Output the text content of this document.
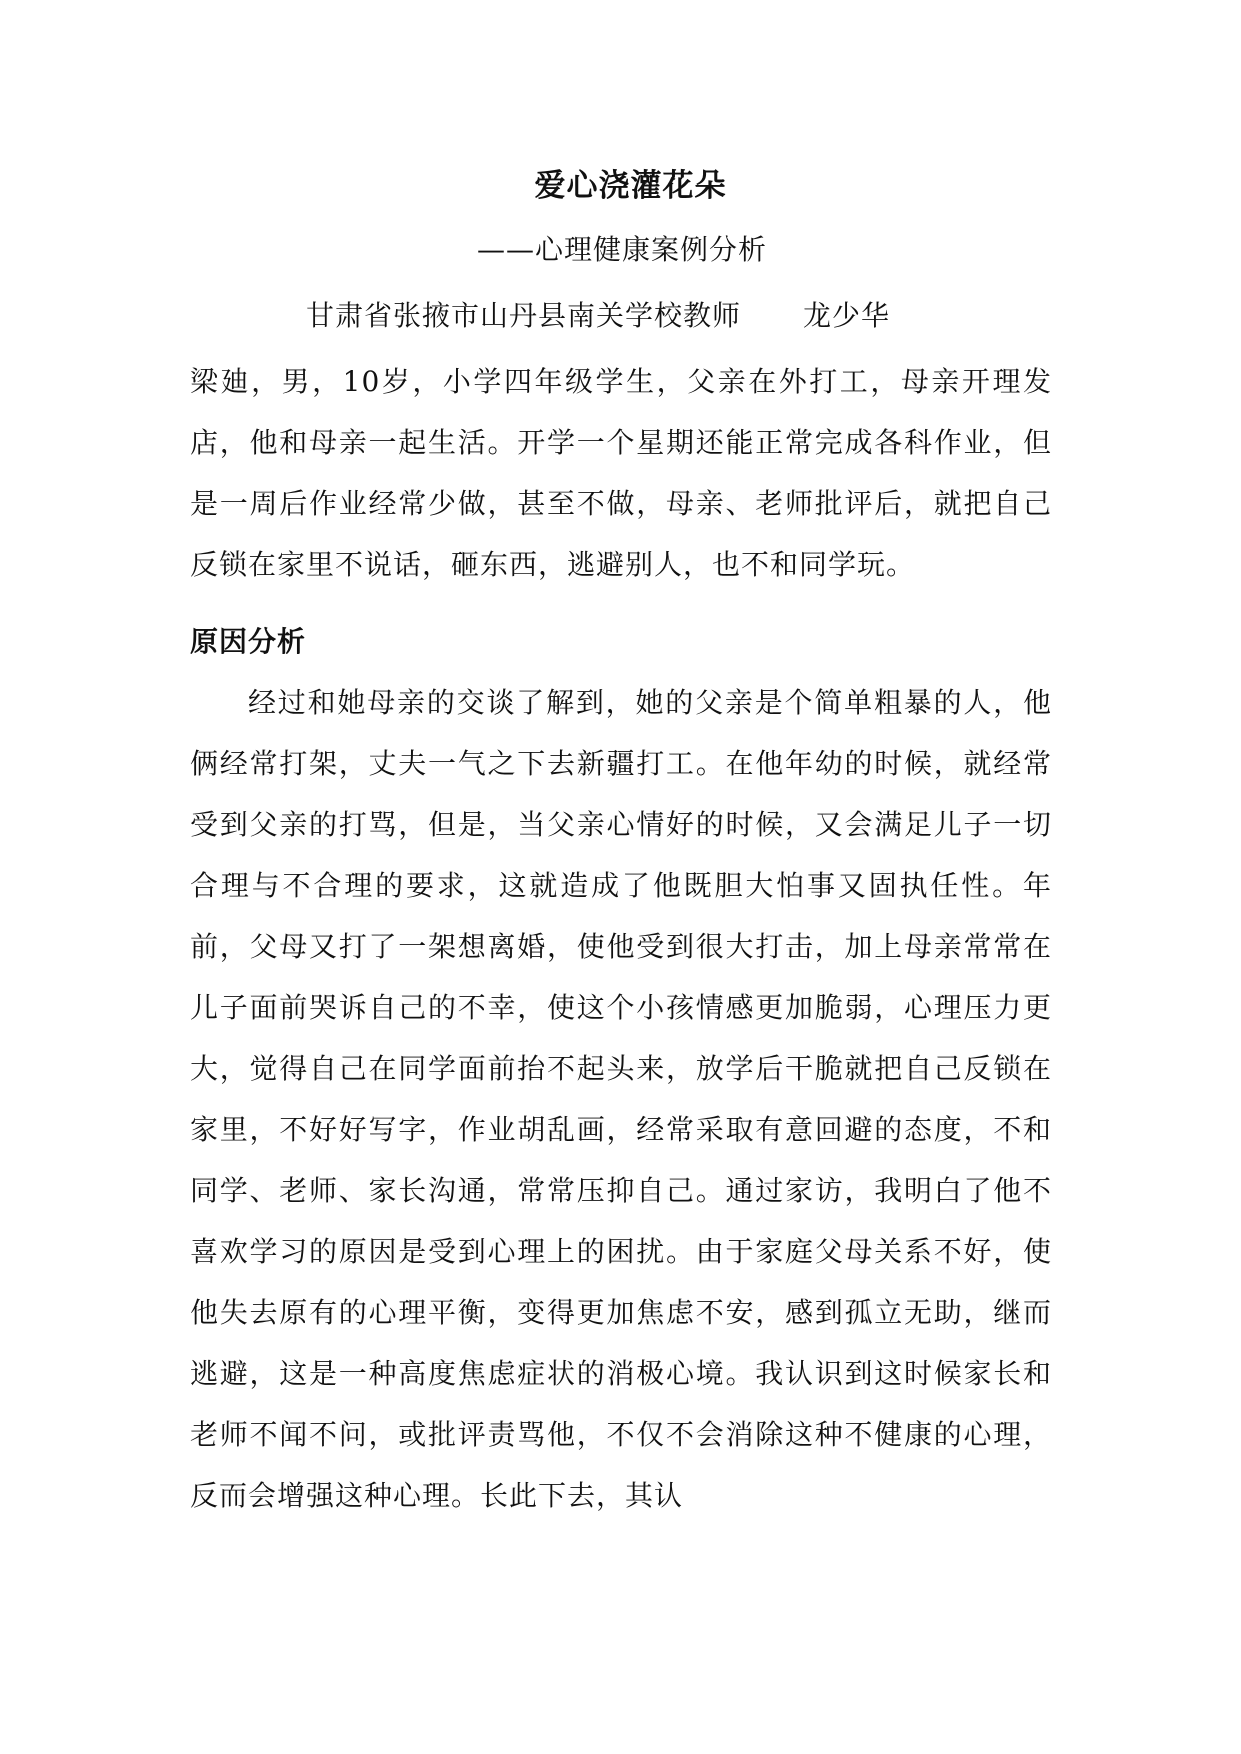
爱心浇灌花朵
——心理健康案例分析
甘肃省张掖市山丹县南关学校教师 龙少华

梁廸，男，10岁，小学四年级学生，父亲在外打工，母亲开理发店，他和母亲一起生活。开学一个星期还能正常完成各科作业，但是一周后作业经常少做，甚至不做，母亲、老师批评后，就把自己反锁在家里不说话，砸东西，逃避别人，也不和同学玩。

原因分析

经过和她母亲的交谈了解到，她的父亲是个简单粗暴的人，他俩经常打架，丈夫一气之下去新疆打工。在他年幼的时候，就经常受到父亲的打骂，但是，当父亲心情好的时候，又会满足儿子一切合理与不合理的要求，这就造成了他既胆大怕事又固执任性。年前，父母又打了一架想离婚，使他受到很大打击，加上母亲常常在儿子面前哭诉自己的不幸，使这个小孩情感更加脆弱，心理压力更大，觉得自己在同学面前抬不起头来，放学后干脆就把自己反锁在家里，不好好写字，作业胡乱画，经常采取有意回避的态度，不和同学、老师、家长沟通，常常压抑自己。通过家访，我明白了他不喜欢学习的原因是受到心理上的困扰。由于家庭父母关系不好，使他失去原有的心理平衡，变得更加焦虑不安，感到孤立无助，继而逃避，这是一种高度焦虑症状的消极心境。我认识到这时候家长和老师不闻不问，或批评责骂他，不仅不会消除这种不健康的心理，反而会增强这种心理。长此下去，其认
